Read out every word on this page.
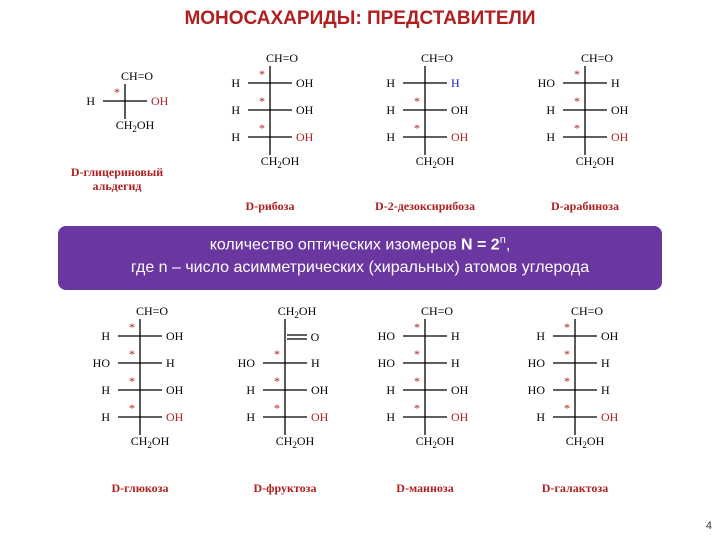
МОНОСАХАРИДЫ: ПРЕДСТАВИТЕЛИ
CH=O
H	OH
*
$CH_2OH$
D-глицериновый
альдегид
CH=O
H	OH
*
H	OH
*
H	OH
*
$CH_2OH$
D-рибоза
CH=O
H	H
H	OH
*
H	OH
*
$CH_2OH$
D-2-дезоксирибоза
CH=O
HO	H
*
H	OH
*
H	OH
*
$CH_2OH$
D-арабиноза
CH=O
H	OH
*
HO	H
*
H	OH
*
H	OH
*
$CH_2OH$
D-глюкоза
$CH_2OH$
O
HO	H
*
H	OH
*
H	OH
*
$CH_2OH$
D-фруктоза
CH=O
HO	H
*
HO	H
*
H	OH
*
H	OH
*
$CH_2OH$
D-манноза
CH=O
H	OH
*
HO	H
*
HO	H
*
H	OH
*
$CH_2OH$
D-галактоза
количество оптических изомеров $N = 2^n$,
где n – число асимметрических (хиральных) атомов углерода
4
